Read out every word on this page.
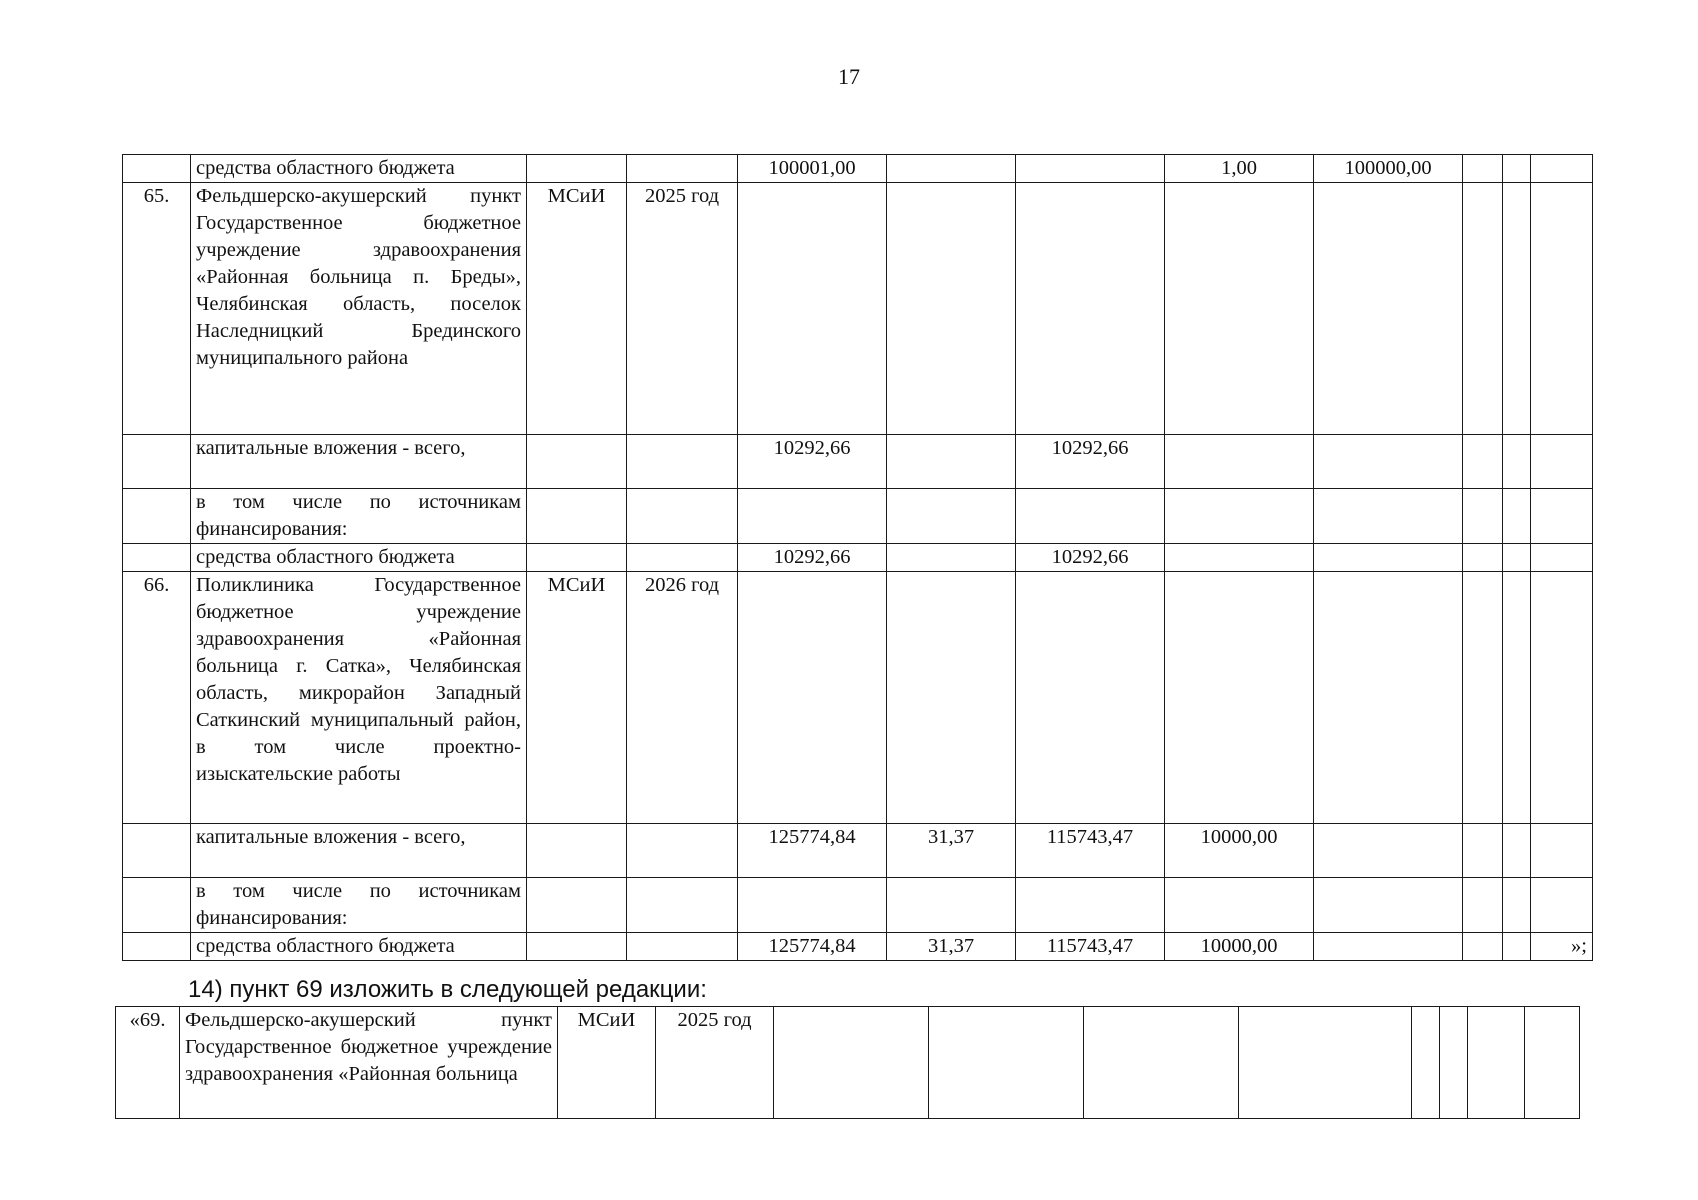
17
	средства областного бюджета			100001,00			1,00	100000,00			
65.	Фельдшерско-акушерский пункт Государственное бюджетное учреждение здравоохранения «Районная больница п. Бреды», Челябинская область, поселок Наследницкий Брединского муниципального района	МСиИ	2025 год								
	капитальные вложения - всего,			10292,66		10292,66					
	в том числе по источникам финансирования:										
	средства областного бюджета			10292,66		10292,66					
66.	Поликлиника Государственное бюджетное учреждение здравоохранения «Районная больница г. Сатка», Челябинская область, микрорайон Западный Саткинский муниципальный район, в том числе проектно-изыскательские работы	МСиИ	2026 год								
	капитальные вложения - всего,			125774,84	31,37	115743,47	10000,00				
	в том числе по источникам финансирования:										
	средства областного бюджета			125774,84	31,37	115743,47	10000,00				»;
14) пункт 69 изложить в следующей редакции:
«69.	Фельдшерско-акушерский пункт Государственное бюджетное учреждение здравоохранения «Районная больница	МСиИ	2025 год								
